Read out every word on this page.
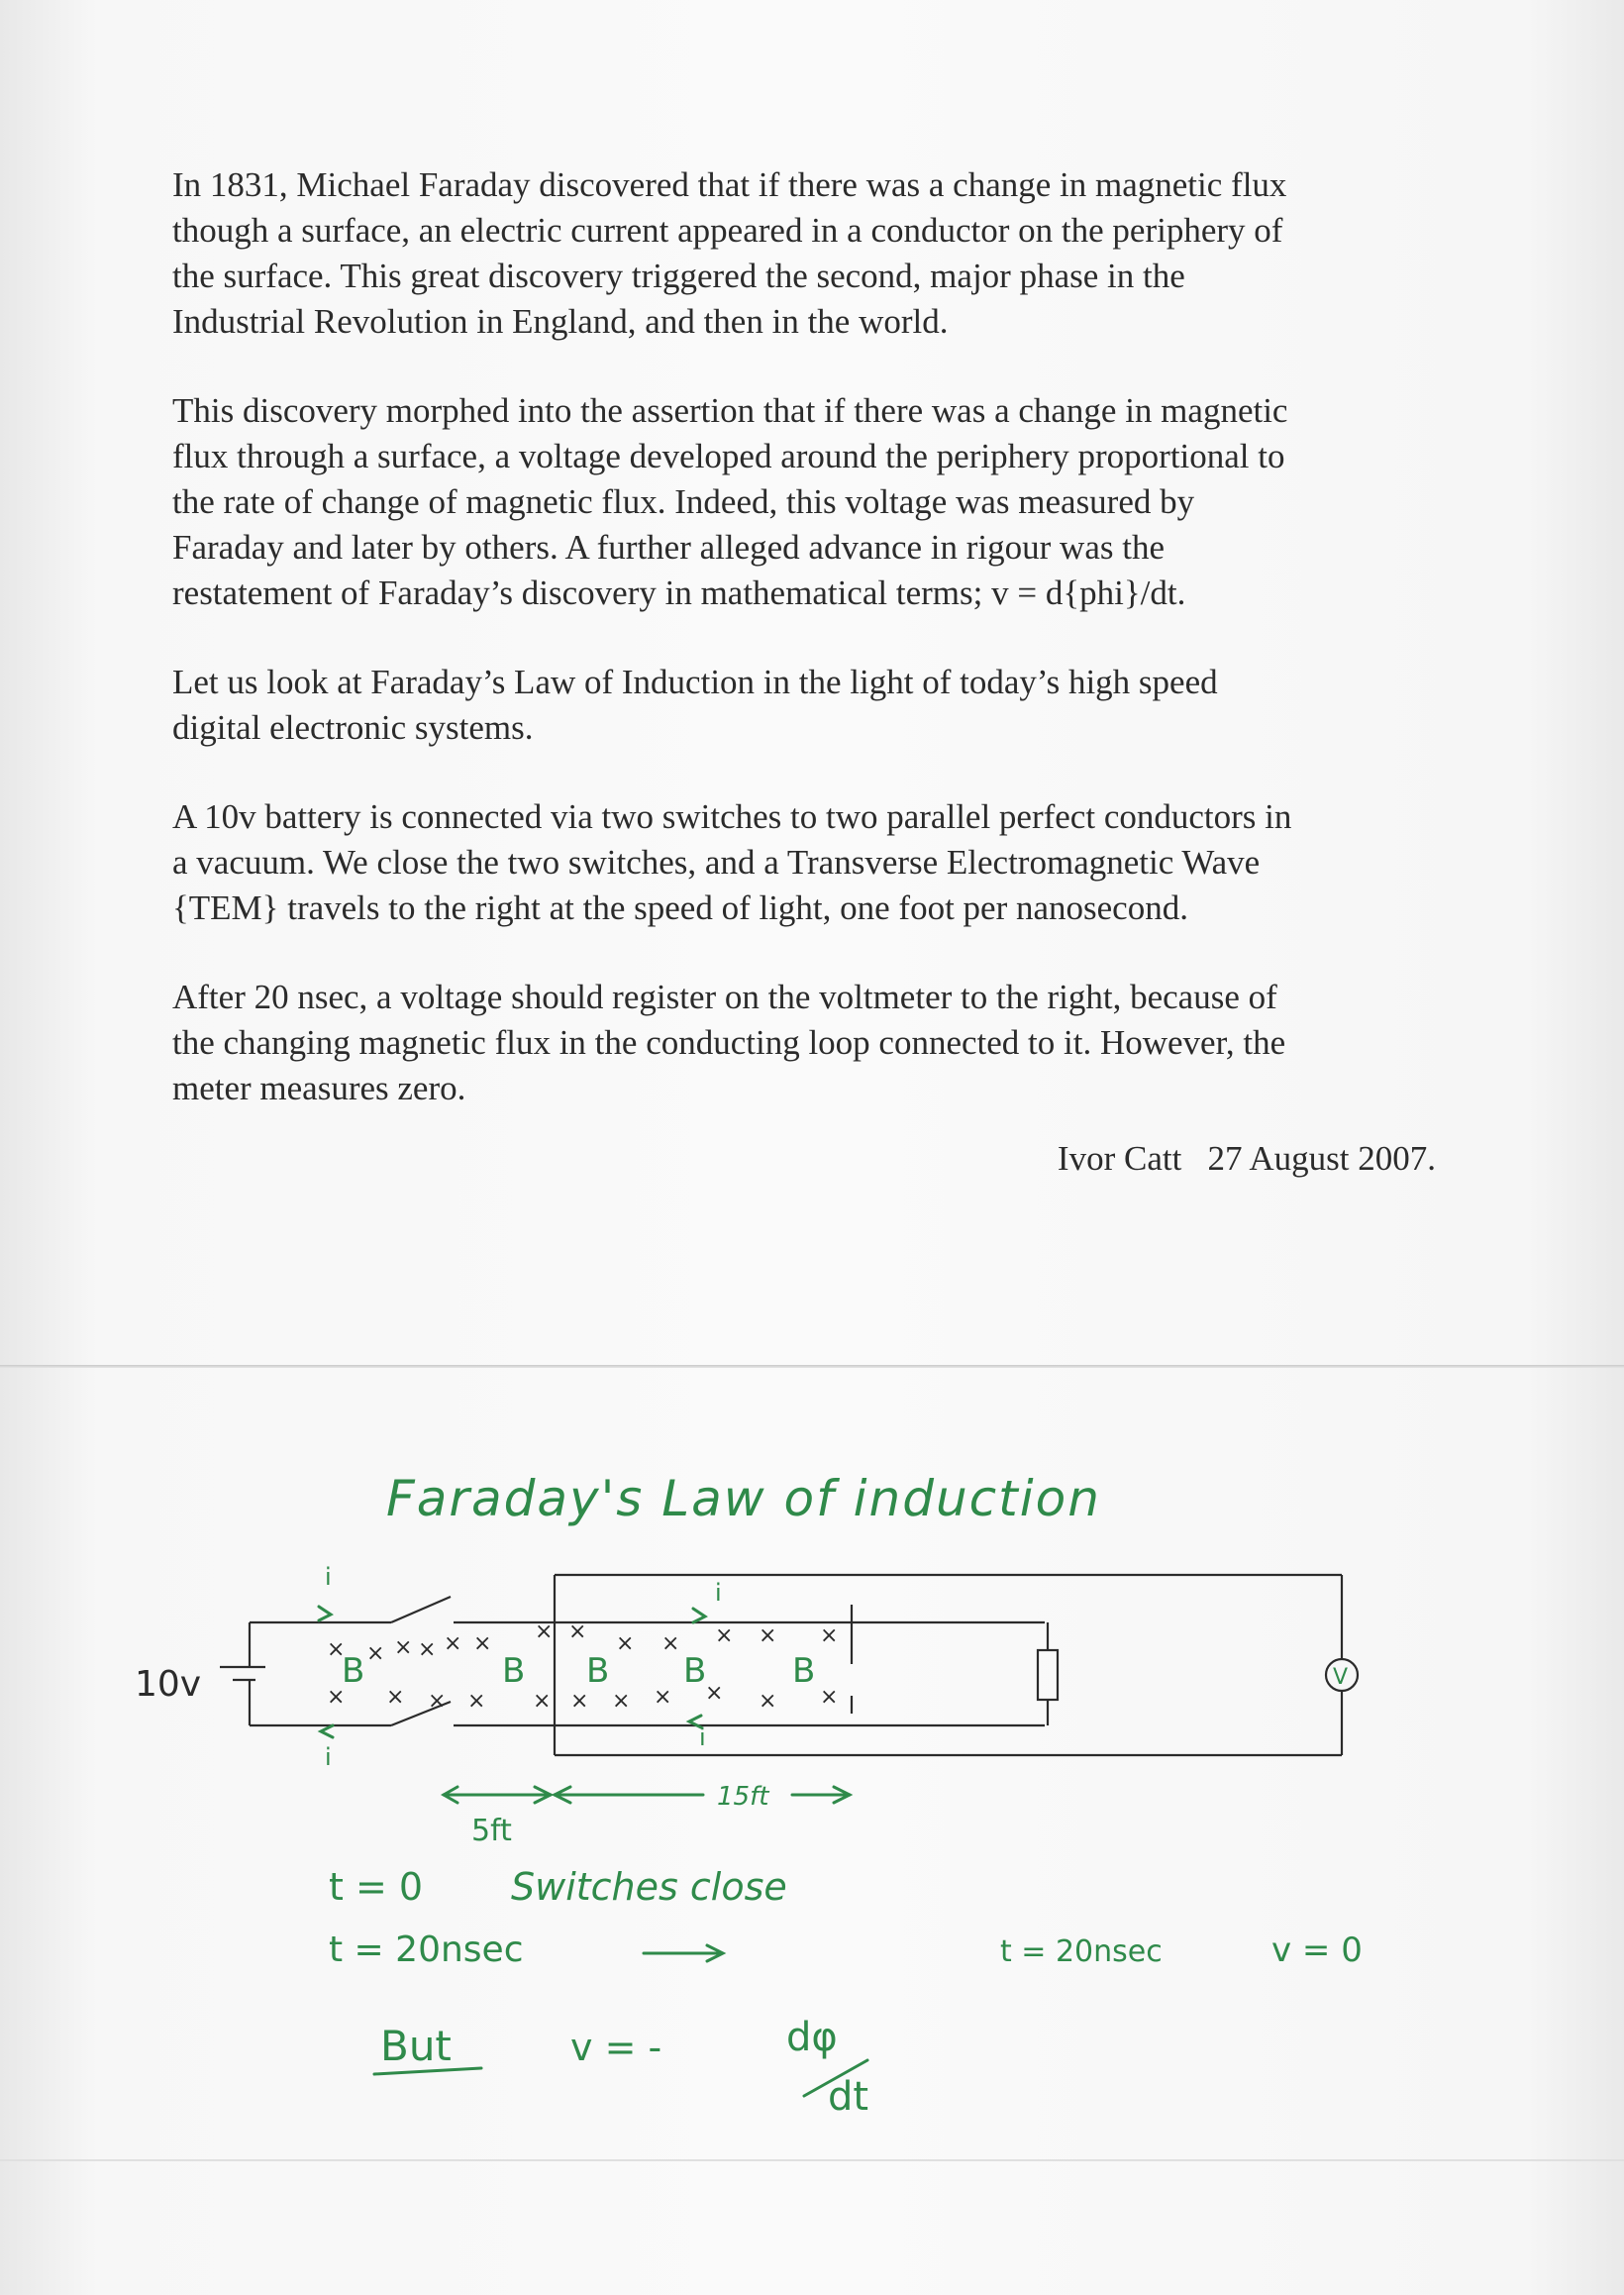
In 1831, Michael Faraday discovered that if there was a change in magnetic flux
though a surface, an electric current appeared in a conductor on the periphery of
the surface. This great discovery triggered the second, major phase in the
Industrial Revolution in England, and then in the world.

This discovery morphed into the assertion that if there was a change in magnetic
flux through a surface, a voltage developed around the periphery proportional to
the rate of change of magnetic flux. Indeed, this voltage was measured by
Faraday and later by others. A further alleged advance in rigour was the
restatement of Faraday’s discovery in mathematical terms; v = d{phi}/dt.

Let us look at Faraday’s Law of Induction in the light of today’s high speed
digital electronic systems.

A 10v battery is connected via two switches to two parallel perfect conductors in
a vacuum. We close the two switches, and a Transverse Electromagnetic Wave
{TEM} travels to the right at the speed of light, one foot per nanosecond.

After 20 nsec, a voltage should register on the voltmeter to the right, because of
the changing magnetic flux in the conducting loop connected to it. However, the
meter measures zero.

Ivor Catt   27 August 2007.
Faraday's Law of induction
10v	V
× × × × × × × × × × × × ×
× × × × × × × × × × ×
B	B B B	B
i
i
i
i
15ft
5ft
t = 0 Switches close
t = 20nsec	t = 20nsec	v = 0
But	v = -	dφ
dt
